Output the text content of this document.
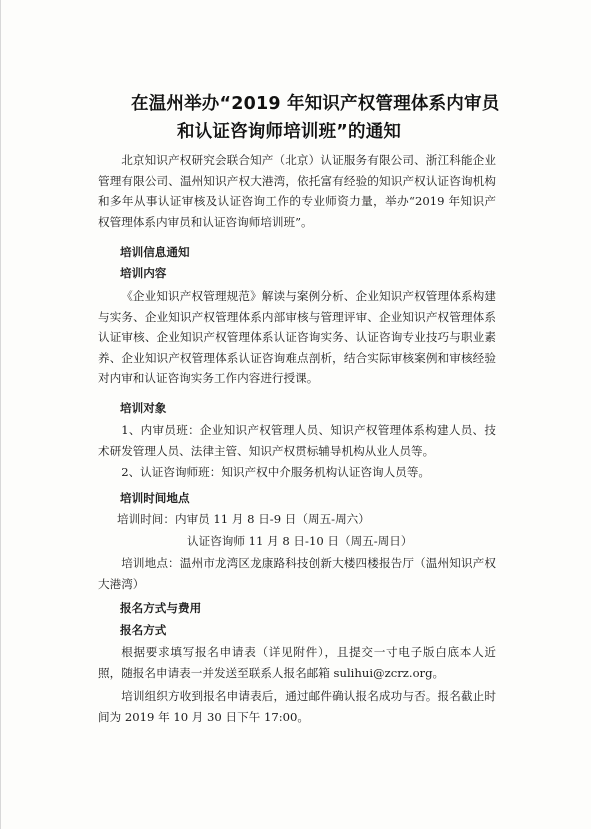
在温州举办“2019 年知识产权管理体系内审员
和认证咨询师培训班”的通知

北京知识产权研究会联合知产（北京）认证服务有限公司、浙江科能企业管理有限公司、温州知识产权大港湾，依托富有经验的知识产权认证咨询机构和多年从事认证审核及认证咨询工作的专业师资力量，举办“2019 年知识产权管理体系内审员和认证咨询师培训班”。

培训信息通知
培训内容

《企业知识产权管理规范》解读与案例分析、企业知识产权管理体系构建与实务、企业知识产权管理体系内部审核与管理评审、企业知识产权管理体系认证审核、企业知识产权管理体系认证咨询实务、认证咨询专业技巧与职业素养、企业知识产权管理体系认证咨询难点剖析，结合实际审核案例和审核经验对内审和认证咨询实务工作内容进行授课。

培训对象

1、内审员班：企业知识产权管理人员、知识产权管理体系构建人员、技术研发管理人员、法律主管、知识产权贯标辅导机构从业人员等。

2、认证咨询师班：知识产权中介服务机构认证咨询人员等。

培训时间地点
培训时间：内审员 11 月 8 日-9 日（周五-周六）
认证咨询师 11 月 8 日-10 日（周五-周日）

培训地点：温州市龙湾区龙康路科技创新大楼四楼报告厅（温州知识产权大港湾）

报名方式与费用
报名方式

根据要求填写报名申请表（详见附件），且提交一寸电子版白底本人近照，随报名申请表一并发送至联系人报名邮箱 sulihui@zcrz.org。

培训组织方收到报名申请表后，通过邮件确认报名成功与否。报名截止时间为 2019 年 10 月 30 日下午 17:00。
